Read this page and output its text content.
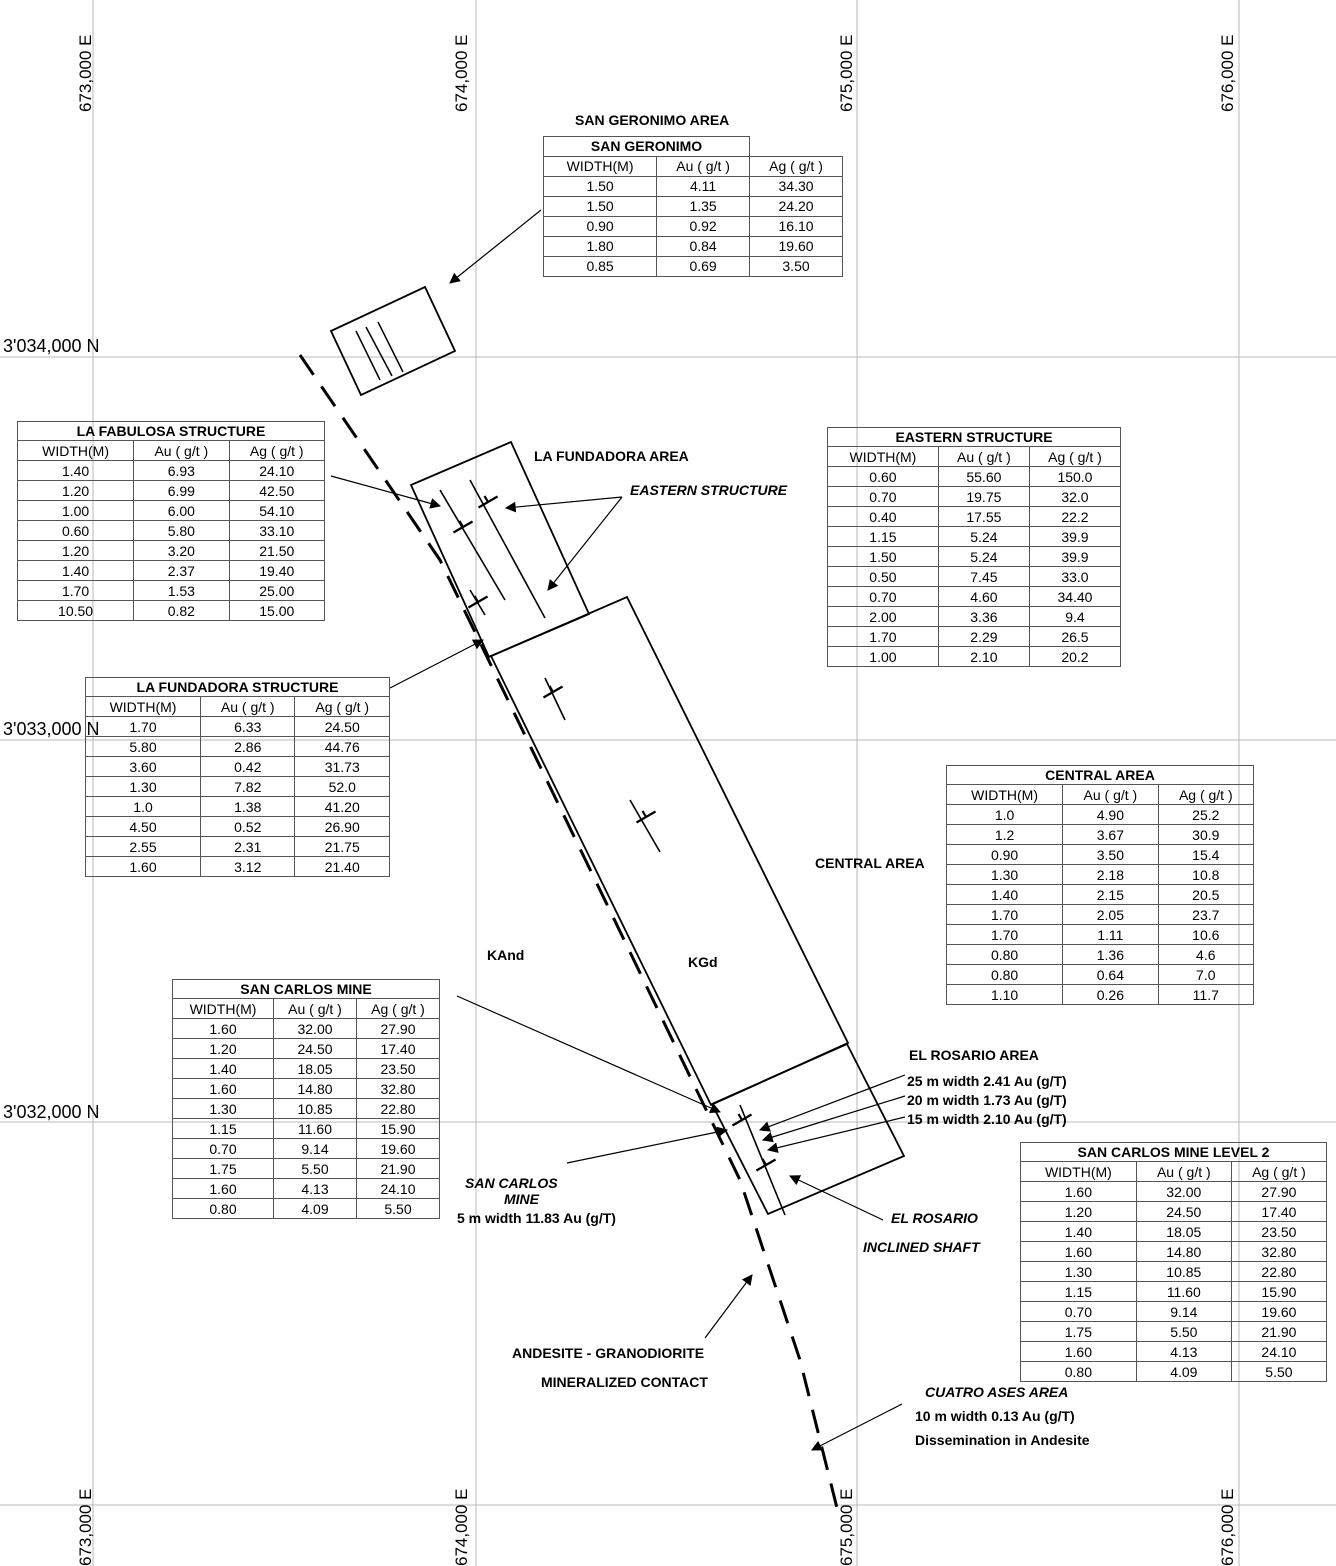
673,000 E	674,000 E	675,000 E	676,000 E
673,000 E	674,000 E	675,000 E	676,000 E
3'034,000 N
3'033,000 N
3'032,000 N
LA FUNDADORA AREA
EASTERN STRUCTURE
CENTRAL AREA
KAnd	KGd
EL ROSARIO AREA
25 m width 2.41 Au (g/T)
20 m width 1.73 Au (g/T)
15 m width 2.10 Au (g/T)
SAN CARLOS
MINE
5 m width 11.83 Au (g/T)	EL ROSARIO
INCLINED SHAFT
ANDESITE - GRANODIORITE
MINERALIZED CONTACT
CUATRO ASES AREA
10 m width 0.13 Au (g/T)
Dissemination in Andesite
SAN GERONIMO AREA
SAN GERONIMO		
WIDTH(M)	Au ( g/t )	Ag ( g/t )
1.50	4.11	34.30
1.50	1.35	24.20
0.90	0.92	16.10
1.80	0.84	19.60
0.85	0.69	3.50
LA FABULOSA STRUCTURE		
WIDTH(M)	Au ( g/t )	Ag ( g/t )
1.40	6.93	24.10
1.20	6.99	42.50
1.00	6.00	54.10
0.60	5.80	33.10
1.20	3.20	21.50
1.40	2.37	19.40
1.70	1.53	25.00
10.50	0.82	15.00
EASTERN STRUCTURE		
WIDTH(M)	Au ( g/t )	Ag ( g/t )
0.60	55.60	150.0
0.70	19.75	32.0
0.40	17.55	22.2
1.15	5.24	39.9
1.50	5.24	39.9
0.50	7.45	33.0
0.70	4.60	34.40
2.00	3.36	9.4
1.70	2.29	26.5
1.00	2.10	20.2
LA FUNDADORA STRUCTURE		
WIDTH(M)	Au ( g/t )	Ag ( g/t )
1.70	6.33	24.50
5.80	2.86	44.76
3.60	0.42	31.73
1.30	7.82	52.0
1.0	1.38	41.20
4.50	0.52	26.90
2.55	2.31	21.75
1.60	3.12	21.40
CENTRAL AREA		
WIDTH(M)	Au ( g/t )	Ag ( g/t )
1.0	4.90	25.2
1.2	3.67	30.9
0.90	3.50	15.4
1.30	2.18	10.8
1.40	2.15	20.5
1.70	2.05	23.7
1.70	1.11	10.6
0.80	1.36	4.6
0.80	0.64	7.0
1.10	0.26	11.7
SAN CARLOS MINE		
WIDTH(M)	Au ( g/t )	Ag ( g/t )
1.60	32.00	27.90
1.20	24.50	17.40
1.40	18.05	23.50
1.60	14.80	32.80
1.30	10.85	22.80
1.15	11.60	15.90
0.70	9.14	19.60
1.75	5.50	21.90
1.60	4.13	24.10
0.80	4.09	5.50
SAN CARLOS MINE LEVEL 2		
WIDTH(M)	Au ( g/t )	Ag ( g/t )
1.60	32.00	27.90
1.20	24.50	17.40
1.40	18.05	23.50
1.60	14.80	32.80
1.30	10.85	22.80
1.15	11.60	15.90
0.70	9.14	19.60
1.75	5.50	21.90
1.60	4.13	24.10
0.80	4.09	5.50
